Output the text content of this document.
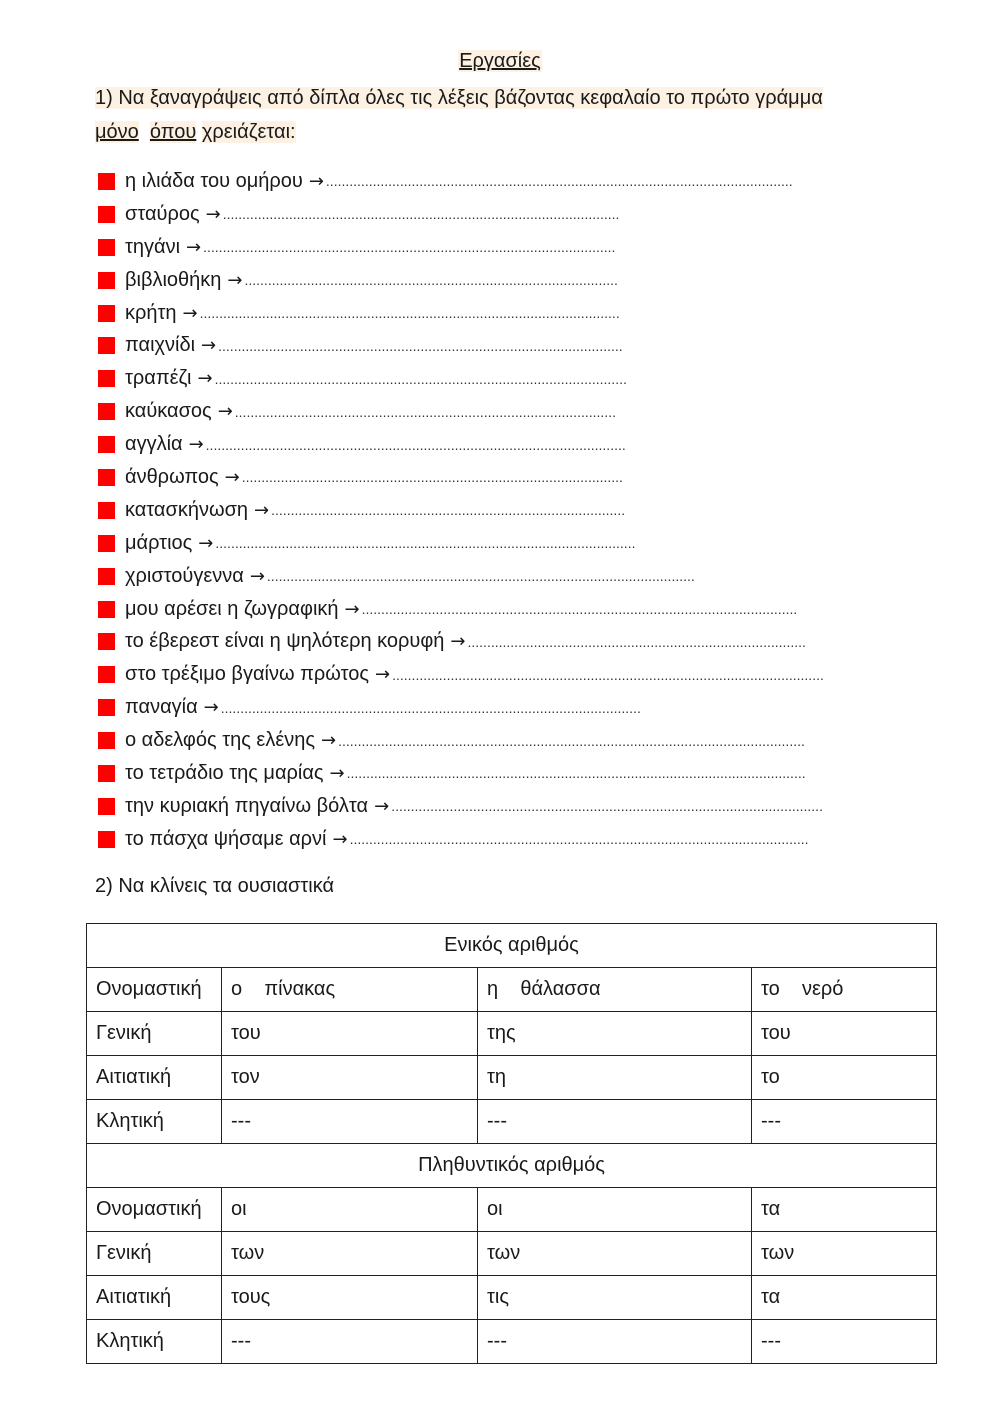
Εργασίες
1) Να ξαναγράψεις από δίπλα όλες τις λέξεις βάζοντας κεφαλαίο το πρώτο γράμμα
μόνο όπου χρειάζεται:
η ιλιάδα του ομήρου → ........................................................................................................................
σταύρος → ......................................................................................................
τηγάνι → ..........................................................................................................
βιβλιοθήκη → ................................................................................................
κρήτη → ............................................................................................................
παιχνίδι → ........................................................................................................
τραπέζι → ..........................................................................................................
καύκασος → ..................................................................................................
αγγλία → ............................................................................................................
άνθρωπος → ..................................................................................................
κατασκήνωση → ...........................................................................................
μάρτιος → ............................................................................................................
χριστούγεννα → ..............................................................................................................
μου αρέσει η ζωγραφική → ................................................................................................................
το έβερεστ είναι η ψηλότερη κορυφή → .......................................................................................
στο τρέξιμο βγαίνω πρώτος → ...............................................................................................................
παναγία → ............................................................................................................
ο αδελφός της ελένης → ........................................................................................................................
το τετράδιο της μαρίας → ......................................................................................................................
την κυριακή πηγαίνω βόλτα → ...............................................................................................................
το πάσχα ψήσαμε αρνί → ......................................................................................................................
2) Να κλίνεις τα ουσιαστικά
Ενικός αριθμός			
Ονομαστική	ο    πίνακας	η    θάλασσα	το    νερό
Γενική	του	της	του
Αιτιατική	τον	τη	το
Κλητική	---	---	---
Πληθυντικός αριθμός			
Ονομαστική	οι	οι	τα
Γενική	των	των	των
Αιτιατική	τους	τις	τα
Κλητική	---	---	---
